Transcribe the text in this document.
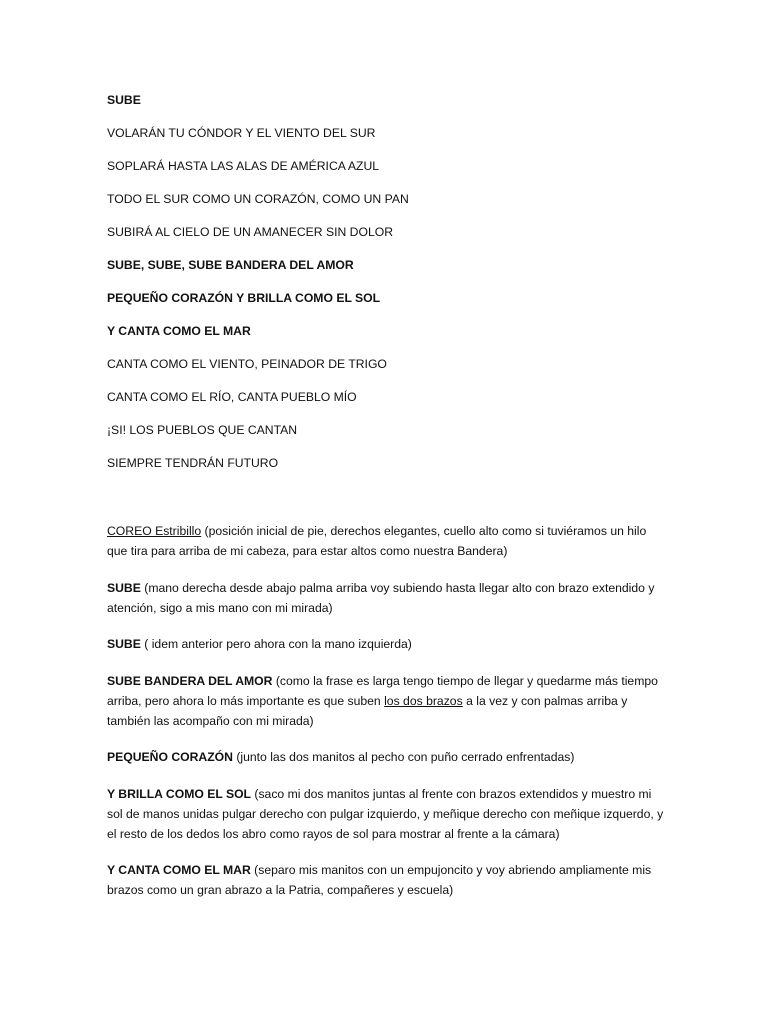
SUBE

VOLARÁN TU CÓNDOR Y EL VIENTO DEL SUR

SOPLARÁ HASTA LAS ALAS DE AMÉRICA AZUL

TODO EL SUR COMO UN CORAZÓN, COMO UN PAN

SUBIRÁ AL CIELO DE UN AMANECER SIN DOLOR

SUBE, SUBE, SUBE BANDERA DEL AMOR

PEQUEÑO CORAZÓN Y BRILLA COMO EL SOL

Y CANTA COMO EL MAR

CANTA COMO EL VIENTO, PEINADOR DE TRIGO

CANTA COMO EL RÍO, CANTA PUEBLO MÍO

¡SI! LOS PUEBLOS QUE CANTAN

SIEMPRE TENDRÁN FUTURO

COREO Estribillo (posición inicial de pie, derechos elegantes, cuello alto como si tuviéramos un hilo que tira para arriba de mi cabeza, para estar altos como nuestra Bandera)

SUBE (mano derecha desde abajo palma arriba voy subiendo hasta llegar alto con brazo extendido y atención, sigo a mis mano con mi mirada)

SUBE ( idem anterior pero ahora con la mano izquierda)

SUBE BANDERA DEL AMOR (como la frase es larga tengo tiempo de llegar y quedarme más tiempo arriba, pero ahora lo más importante es que suben los dos brazos a la vez y con palmas arriba y también las acompaño con mi mirada)

PEQUEÑO CORAZÓN (junto las dos manitos al pecho con puño cerrado enfrentadas)

Y BRILLA COMO EL SOL (saco mi dos manitos juntas al frente con brazos extendidos y muestro mi sol de manos unidas pulgar derecho con pulgar izquierdo, y meñique derecho con meñique izquerdo, y el resto de los dedos los abro como rayos de sol para mostrar al frente a la cámara)

Y CANTA COMO EL MAR (separo mis manitos con un empujoncito y voy abriendo ampliamente mis brazos como un gran abrazo a la Patria, compañeres y escuela)
